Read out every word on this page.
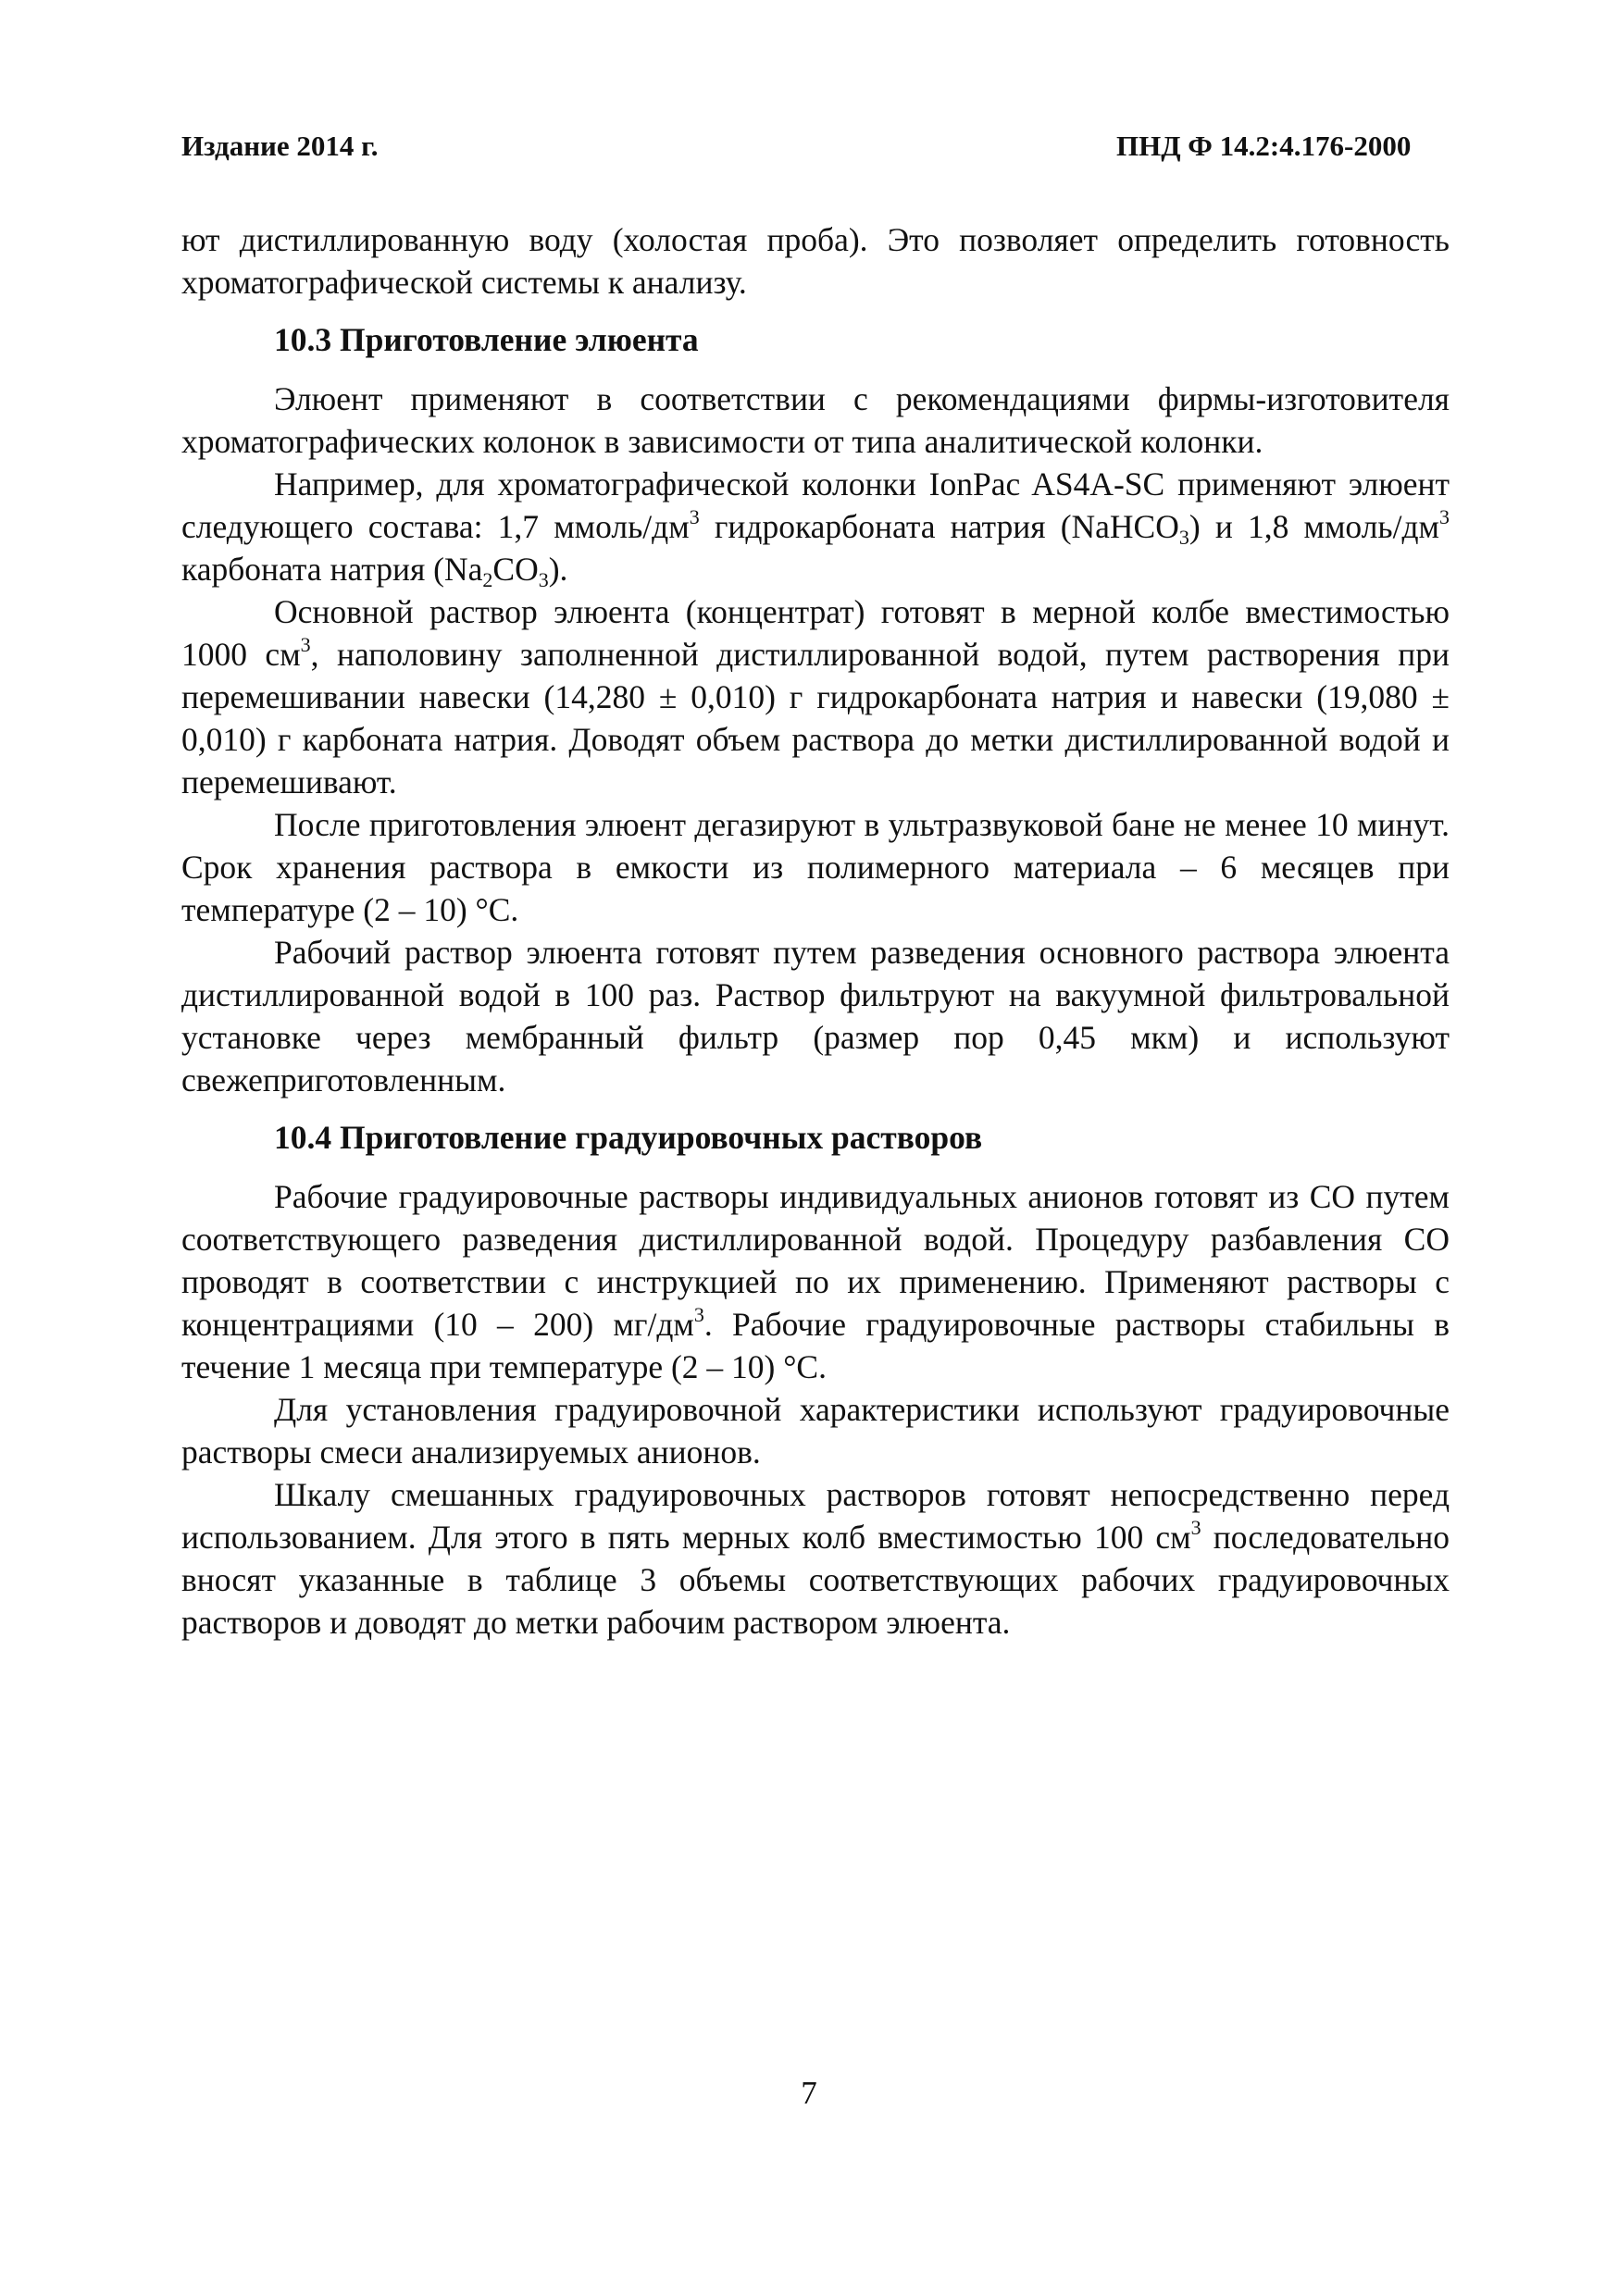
Издание 2014 г.	ПНД Ф 14.2:4.176-2000

ют дистиллированную воду (холостая проба). Это позволяет определить готовность хроматографической системы к анализу.

10.3 Приготовление элюента

Элюент применяют в соответствии с рекомендациями фирмы-изготовителя хроматографических колонок в зависимости от типа аналитической колонки.

Например, для хроматографической колонки IonPac AS4A-SC применяют элюент следующего состава: 1,7 ммоль/$дм^3$ гидрокарбоната натрия (NaHCO$_3$) и 1,8 ммоль/$дм^3$ карбоната натрия $(Na_2CO_3)$.

Основной раствор элюента (концентрат) готовят в мерной колбе вместимостью 1000 $см^3$, наполовину заполненной дистиллированной водой, путем растворения при перемешивании навески (14,280 ± 0,010) г гидрокарбоната натрия и навески (19,080 ± 0,010) г карбоната натрия. Доводят объем раствора до метки дистиллированной водой и перемешивают.

После приготовления элюент дегазируют в ультразвуковой бане не менее 10 минут. Срок хранения раствора в емкости из полимерного материала – 6 месяцев при температуре (2 – 10) °С.

Рабочий раствор элюента готовят путем разведения основного раствора элюента дистиллированной водой в 100 раз. Раствор фильтруют на вакуумной фильтровальной установке через мембранный фильтр (размер пор 0,45 мкм) и используют свежеприготовленным.

10.4 Приготовление градуировочных растворов

Рабочие градуировочные растворы индивидуальных анионов готовят из СО путем соответствующего разведения дистиллированной водой. Процедуру разбавления СО проводят в соответствии с инструкцией по их применению. Применяют растворы с концентрациями (10 – 200) $мг/дм^3$. Рабочие градуировочные растворы стабильны в течение 1 месяца при температуре (2 – 10) °С.

Для установления градуировочной характеристики используют градуировочные растворы смеси анализируемых анионов.

Шкалу смешанных градуировочных растворов готовят непосредственно перед использованием. Для этого в пять мерных колб вместимостью 100 $см^3$ последовательно вносят указанные в таблице 3 объемы соответствующих рабочих градуировочных растворов и доводят до метки рабочим раствором элюента.

7
